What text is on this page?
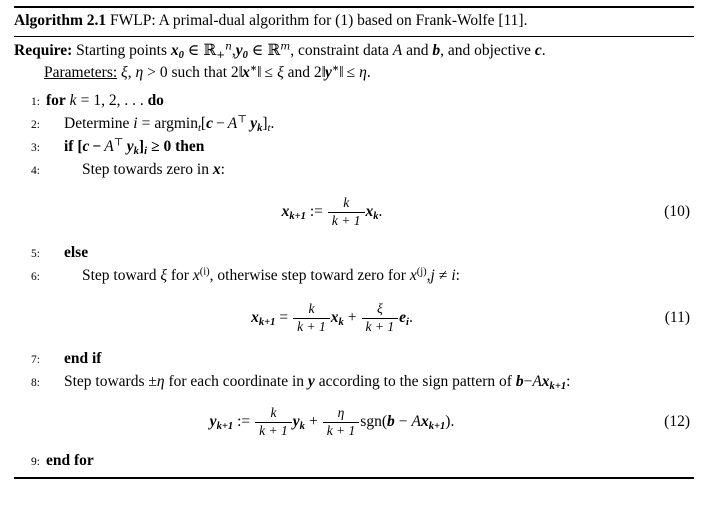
Algorithm 2.1 FWLP: A primal-dual algorithm for (1) based on Frank-Wolfe [11].
Require: Starting points $x_0$ ∈ $ℝ_+^n,y_0$ ∈ ℝ$^m$, constraint data A and b, and objective c.
Parameters: ξ, η > 0 such that 2‖x∗‖ ≤ ξ and 2‖y∗‖ ≤ η.
1: for k = 1, 2, . . . do
2:	Determine i = argmin$_t$[c − A⊤  $y_k]_t$.
3:	if [c − A⊤  $y_k]_i \ge 0$ then
4:	Step towards zero in x:
$x_{k+1}$ := $\frac{k}{k + 1} x_k$ .	(10)
5:	else
6:	Step toward ξ for $x^{(i)}$, otherwise step toward zero for $x^{(j)},j \ne i$:
$x_{k+1} = \frac{k}{k + 1} x_k + \frac{\xi}{k + 1} e_i$ .	(11)
7:	end if
8:	Step towards ±η for each coordinate in y according to the sign pattern of $b-Ax_{k+1}$:
$y_{k+1}$ := $\frac{k}{k + 1} y_k + \frac{\eta}{k + 1}$ sgn ( b − A $x_{k+1}$ ) .	(12)
9: end for
